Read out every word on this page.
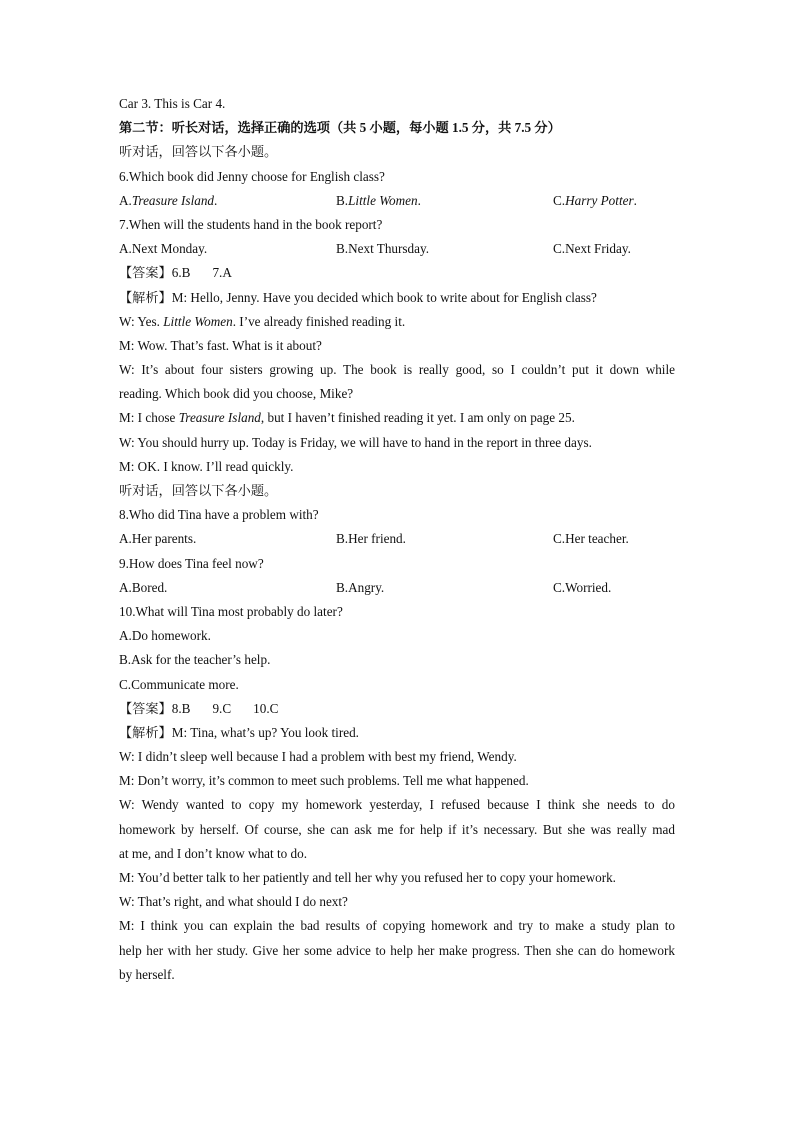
Car 3. This is Car 4.
第二节：听长对话，选择正确的选项（共 5 小题，每小题 1.5 分，共 7.5 分）
听对话，回答以下各小题。
6.Which book did Jenny choose for English class?
A.Treasure Island.	B.Little Women.	C.Harry Potter.
7.When will the students hand in the book report?
A.Next Monday.	B.Next Thursday.	C.Next Friday.
【答案】6.B 7.A
【解析】M: Hello, Jenny. Have you decided which book to write about for English class?
W: Yes. Little Women. I’ve already finished reading it.
M: Wow. That’s fast. What is it about?
W: It’s about four sisters growing up. The book is really good, so I couldn’t put it down while
reading. Which book did you choose, Mike?
M: I chose Treasure Island, but I haven’t finished reading it yet. I am only on page 25.
W: You should hurry up. Today is Friday, we will have to hand in the report in three days.
M: OK. I know. I’ll read quickly.
听对话，回答以下各小题。
8.Who did Tina have a problem with?
A.Her parents.	B.Her friend.	C.Her teacher.
9.How does Tina feel now?
A.Bored.	B.Angry.	C.Worried.
10.What will Tina most probably do later?
A.Do homework.
B.Ask for the teacher’s help.
C.Communicate more.
【答案】8.B 9.C 10.C
【解析】M: Tina, what’s up? You look tired.
W: I didn’t sleep well because I had a problem with best my friend, Wendy.
M: Don’t worry, it’s common to meet such problems. Tell me what happened.
W: Wendy wanted to copy my homework yesterday, I refused because I think she needs to do
homework by herself. Of course, she can ask me for help if it’s necessary. But she was really mad
at me, and I don’t know what to do.
M: You’d better talk to her patiently and tell her why you refused her to copy your homework.
W: That’s right, and what should I do next?
M: I think you can explain the bad results of copying homework and try to make a study plan to
help her with her study. Give her some advice to help her make progress. Then she can do homework
by herself.
